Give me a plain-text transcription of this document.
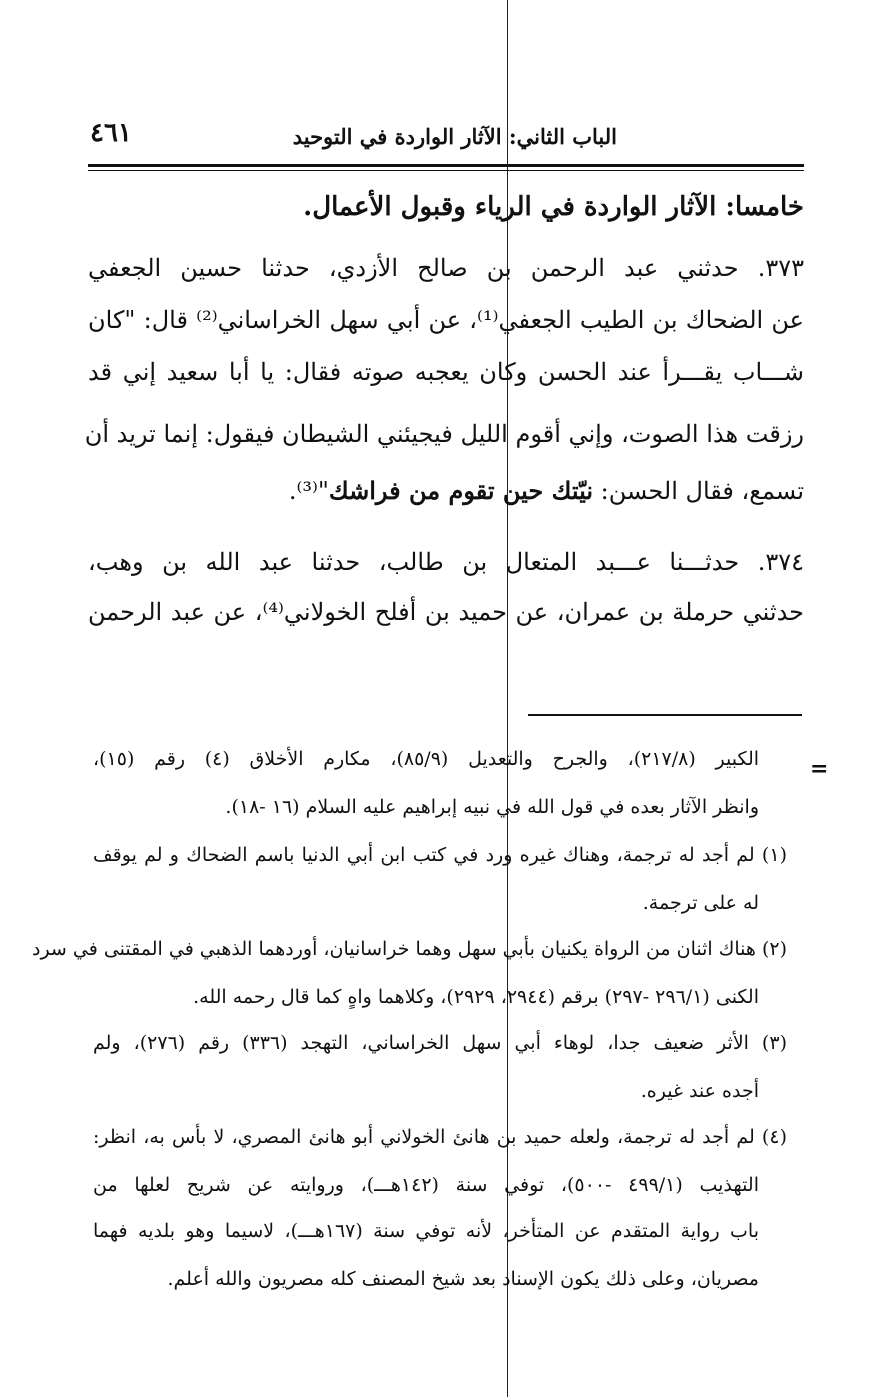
الباب الثاني: الآثار الواردة في التوحيد
٤٦١
خامسا: الآثار الواردة في الرياء وقبول الأعمال.
٣٧٣. حدثني عبد الرحمن بن صالح الأزدي، حدثنا حسين الجعفي
عن الضحاك بن الطيب الجعفي⁽¹⁾، عن أبي سهل الخراساني⁽²⁾ قال: "كان
شـــاب يقـــرأ عند الحسن وكان يعجبه صوته فقال: يا أبا سعيد إني قد
رزقت هذا الصوت، وإني أقوم الليل فيجيئني الشيطان فيقول: إنما تريد أن
تسمع، فقال الحسن: نيّتك حين تقوم من فراشك"⁽³⁾.
٣٧٤. حدثـــنا عـــبد المتعال بن طالب، حدثنا عبد الله بن وهب،
حدثني حرملة بن عمران، عن حميد بن أفلح الخولاني⁽⁴⁾، عن عبد الرحمن
=
الكبير (٢١٧/٨)، والجرح والتعديل (٨٥/٩)، مكارم الأخلاق (٤) رقم (١٥)،
وانظر الآثار بعده في قول الله في نبيه إبراهيم عليه السلام (١٦ -١٨).
(١) لم أجد له ترجمة، وهناك غيره ورد في كتب ابن أبي الدنيا باسم الضحاك و لم يوقف
له على ترجمة.
(٢) هناك اثنان من الرواة يكنيان بأبي سهل وهما خراسانيان، أوردهما الذهبي في المقتنى في سرد
الكنى (٢٩٦/١ -٢٩٧) برقم (٢٩٤٤، ٢٩٢٩)، وكلاهما واهٍ كما قال رحمه الله.
(٣) الأثر ضعيف جدا، لوهاء أبي سهل الخراساني، التهجد (٣٣٦) رقم (٢٧٦)، ولم
أجده عند غيره.
(٤) لم أجد له ترجمة، ولعله حميد بن هانئ الخولاني أبو هانئ المصري، لا بأس به، انظر:
التهذيب (٤٩٩/١ -٥٠٠)، توفي سنة (١٤٢هـــ)، وروايته عن شريح لعلها من
باب رواية المتقدم عن المتأخر، لأنه توفي سنة (١٦٧هـــ)، لاسيما وهو بلديه فهما
مصريان، وعلى ذلك يكون الإسناد بعد شيخ المصنف كله مصريون والله أعلم.
